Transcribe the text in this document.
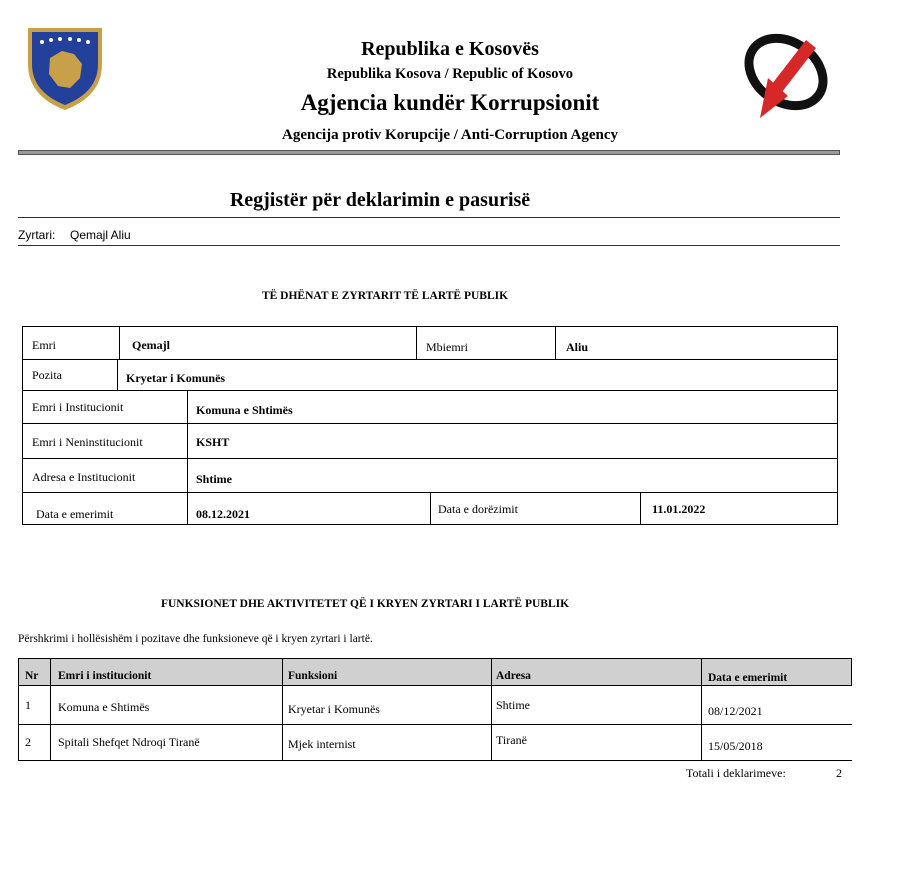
Republika e Kosovës
Republika Kosova / Republic of Kosovo
Agjencia kundër Korrupsionit
Agencija protiv Korupcije / Anti-Corruption Agency
Regjistër për deklarimin e pasurisë
Zyrtari: Qemajl Aliu
TË DHËNAT E ZYRTARIT TË LARTË PUBLIK
Emri	Qemajl	Mbiemri	Aliu
Pozita	Kryetar i Komunës
Emri i Institucionit	Komuna e Shtimës
Emri i Neninstitucionit	KSHT
Adresa e Institucionit	Shtime
Data e emerimit	08.12.2021	Data e dorëzimit	11.01.2022
FUNKSIONET DHE AKTIVITETET QË I KRYEN ZYRTARI I LARTË PUBLIK
Përshkrimi i hollësishëm i pozitave dhe funksioneve që i kryen zyrtari i lartë.
Nr Emri i institucionit	Funksioni	Adresa	Data e emerimit
1 Komuna e Shtimës	Kryetar i Komunës	Shtime	08/12/2021
2 Spitali Shefqet Ndroqi Tiranë	Mjek internist	Tiranë	15/05/2018
Totali i deklarimeve:	2
